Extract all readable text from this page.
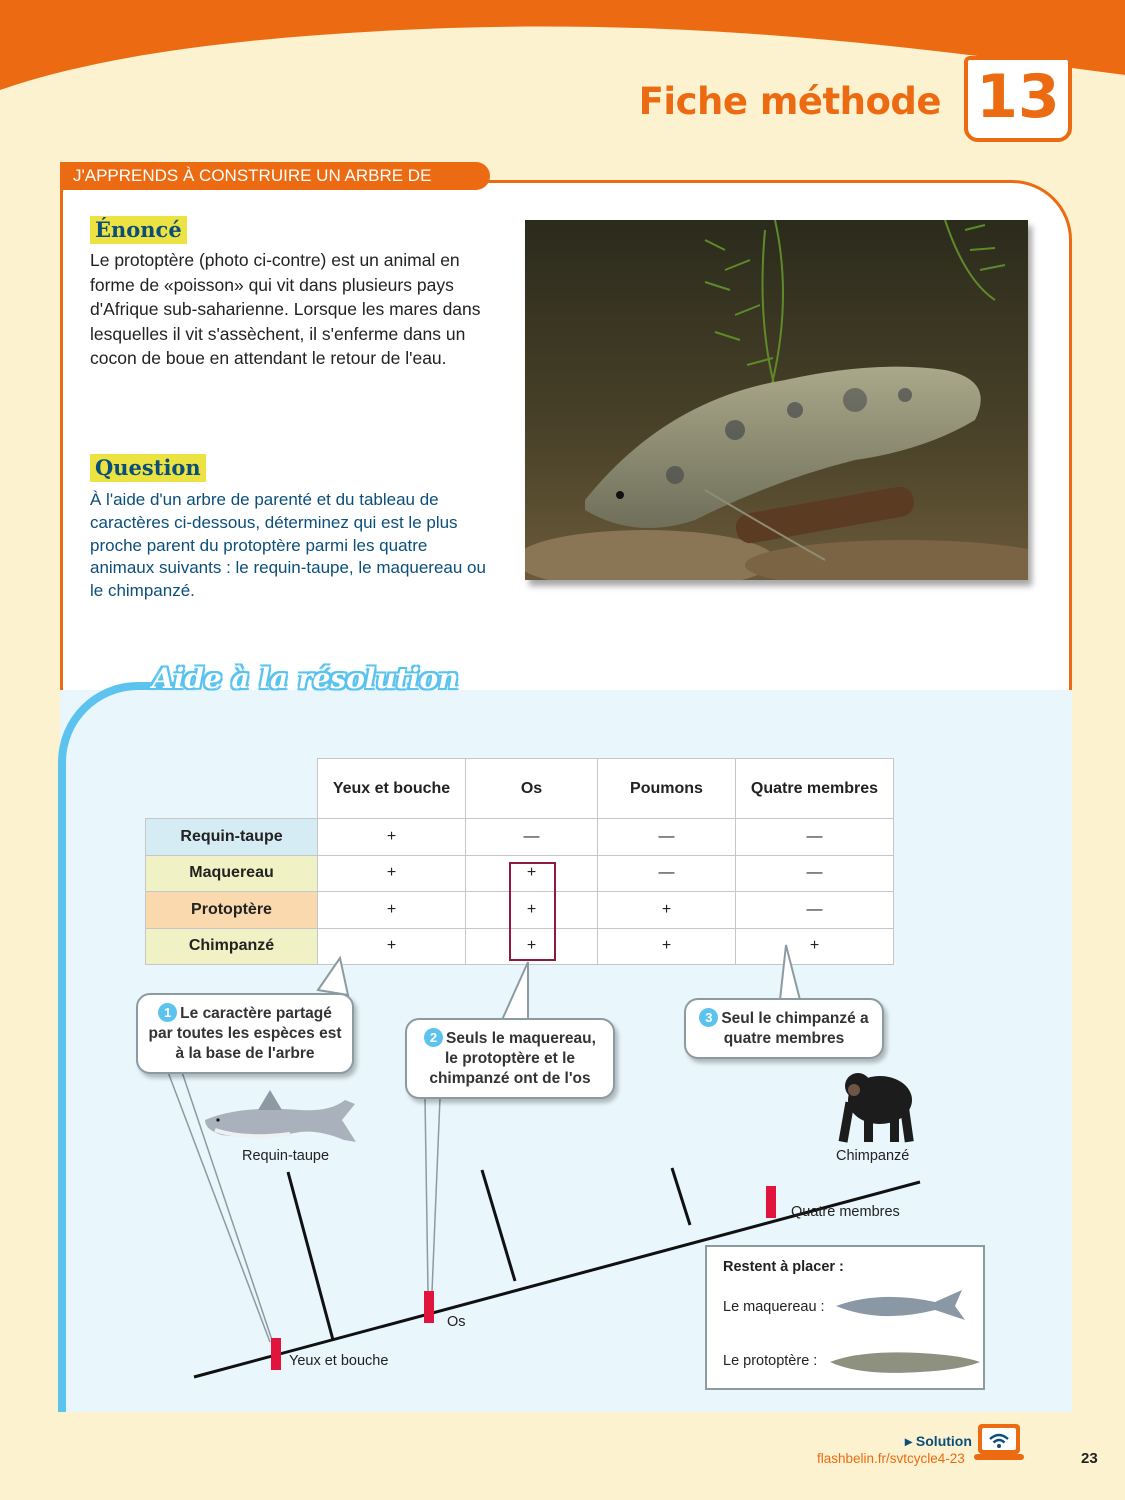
Fiche méthode 13
J'APPRENDS À CONSTRUIRE UN ARBRE DE PARENTÉ
Énoncé
Le protoptère (photo ci-contre) est un animal en forme de «poisson» qui vit dans plusieurs pays d'Afrique sub-saharienne. Lorsque les mares dans lesquelles il vit s'assèchent, il s'enferme dans un cocon de boue en attendant le retour de l'eau.
Question
À l'aide d'un arbre de parenté et du tableau de caractères ci-dessous, déterminez qui est le plus proche parent du protoptère parmi les quatre animaux suivants : le requin-taupe, le maquereau ou le chimpanzé.
Aide à la résolution
	Yeux et bouche	Os	Poumons	Quatre membres
Requin-taupe	+	—	—	—
Maquereau	+	+	—	—
Protoptère	+	+	+	—
Chimpanzé	+	+	+	+
Requin-taupe	Chimpanzé
Yeux et bouche
Os
Quatre membres
1 Le caractère partagé par toutes les espèces est à la base de l'arbre
2 Seuls le maquereau, le protoptère et le chimpanzé ont de l'os
3 Seul le chimpanzé a quatre membres
Restent à placer :
Le maquereau :
Le protoptère :
▸ Solution
flashbelin.fr/svtcycle4-23	23
